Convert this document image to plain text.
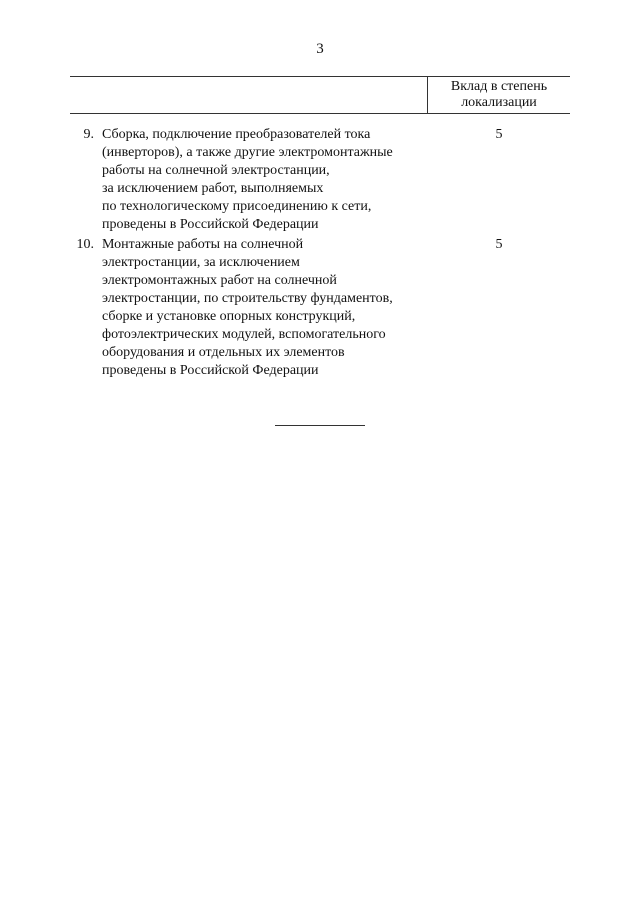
3
Вклад в степень
локализации
9. Сборка, подключение преобразователей тока
(инверторов), а также другие электромонтажные
работы на солнечной электростанции,
за исключением работ, выполняемых
по технологическому присоединению к сети,
проведены в Российской Федерации
5
10. Монтажные работы на солнечной
электростанции, за исключением
электромонтажных работ на солнечной
электростанции, по строительству фундаментов,
сборке и установке опорных конструкций,
фотоэлектрических модулей, вспомогательного
оборудования и отдельных их элементов
проведены в Российской Федерации
5
